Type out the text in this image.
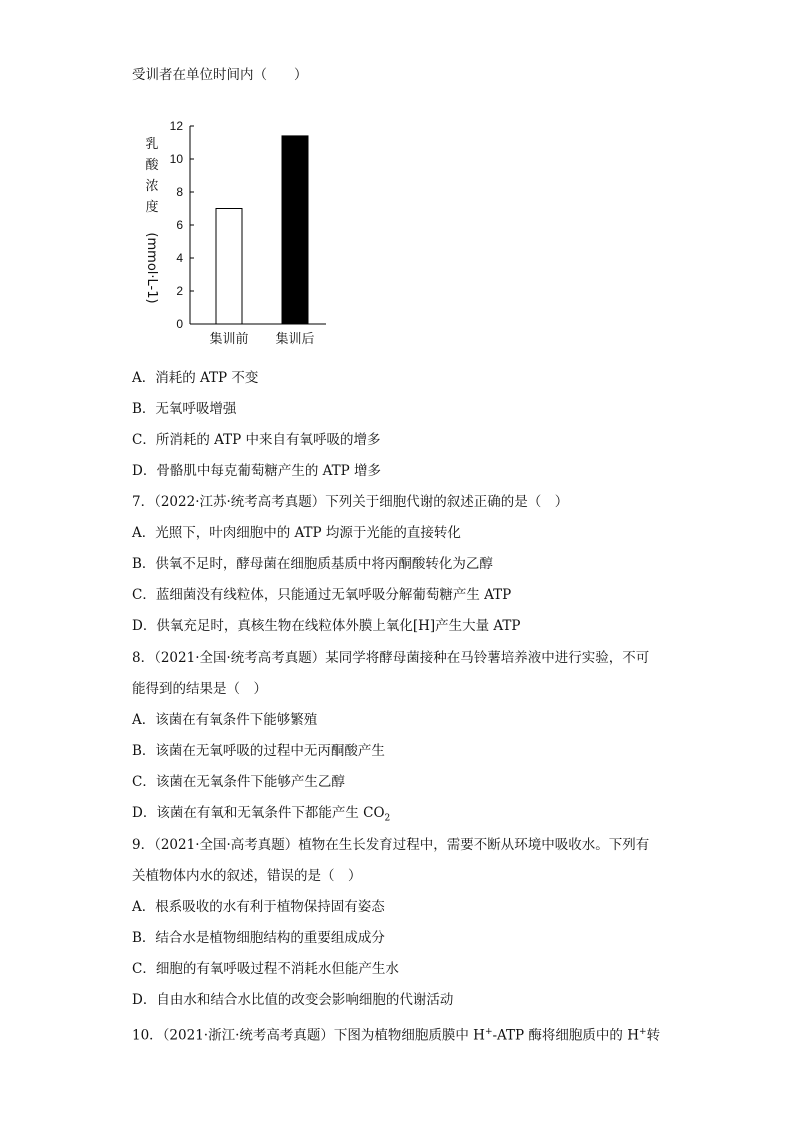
受训者在单位时间内（　　）
0
2
4
6
8
10
12
集训前 集训后
乳
酸
浓
度
(mmol·L-1)
A．消耗的 ATP 不变
B．无氧呼吸增强
C．所消耗的 ATP 中来自有氧呼吸的增多
D．骨骼肌中每克葡萄糖产生的 ATP 增多
7．（2022·江苏·统考高考真题）下列关于细胞代谢的叙述正确的是（　）
A．光照下，叶肉细胞中的 ATP 均源于光能的直接转化
B．供氧不足时，酵母菌在细胞质基质中将丙酮酸转化为乙醇
C．蓝细菌没有线粒体，只能通过无氧呼吸分解葡萄糖产生 ATP
D．供氧充足时，真核生物在线粒体外膜上氧化[H]产生大量 ATP
8．（2021·全国·统考高考真题）某同学将酵母菌接种在马铃薯培养液中进行实验，不可
能得到的结果是（　）
A．该菌在有氧条件下能够繁殖
B．该菌在无氧呼吸的过程中无丙酮酸产生
C．该菌在无氧条件下能够产生乙醇
D．该菌在有氧和无氧条件下都能产生 $CO_2$
9．（2021·全国·高考真题）植物在生长发育过程中，需要不断从环境中吸收水。下列有
关植物体内水的叙述，错误的是（　）
A．根系吸收的水有利于植物保持固有姿态
B．结合水是植物细胞结构的重要组成成分
C．细胞的有氧呼吸过程不消耗水但能产生水
D．自由水和结合水比值的改变会影响细胞的代谢活动
10．（2021·浙江·统考高考真题）下图为植物细胞质膜中 H+-ATP 酶将细胞质中的 H+转
